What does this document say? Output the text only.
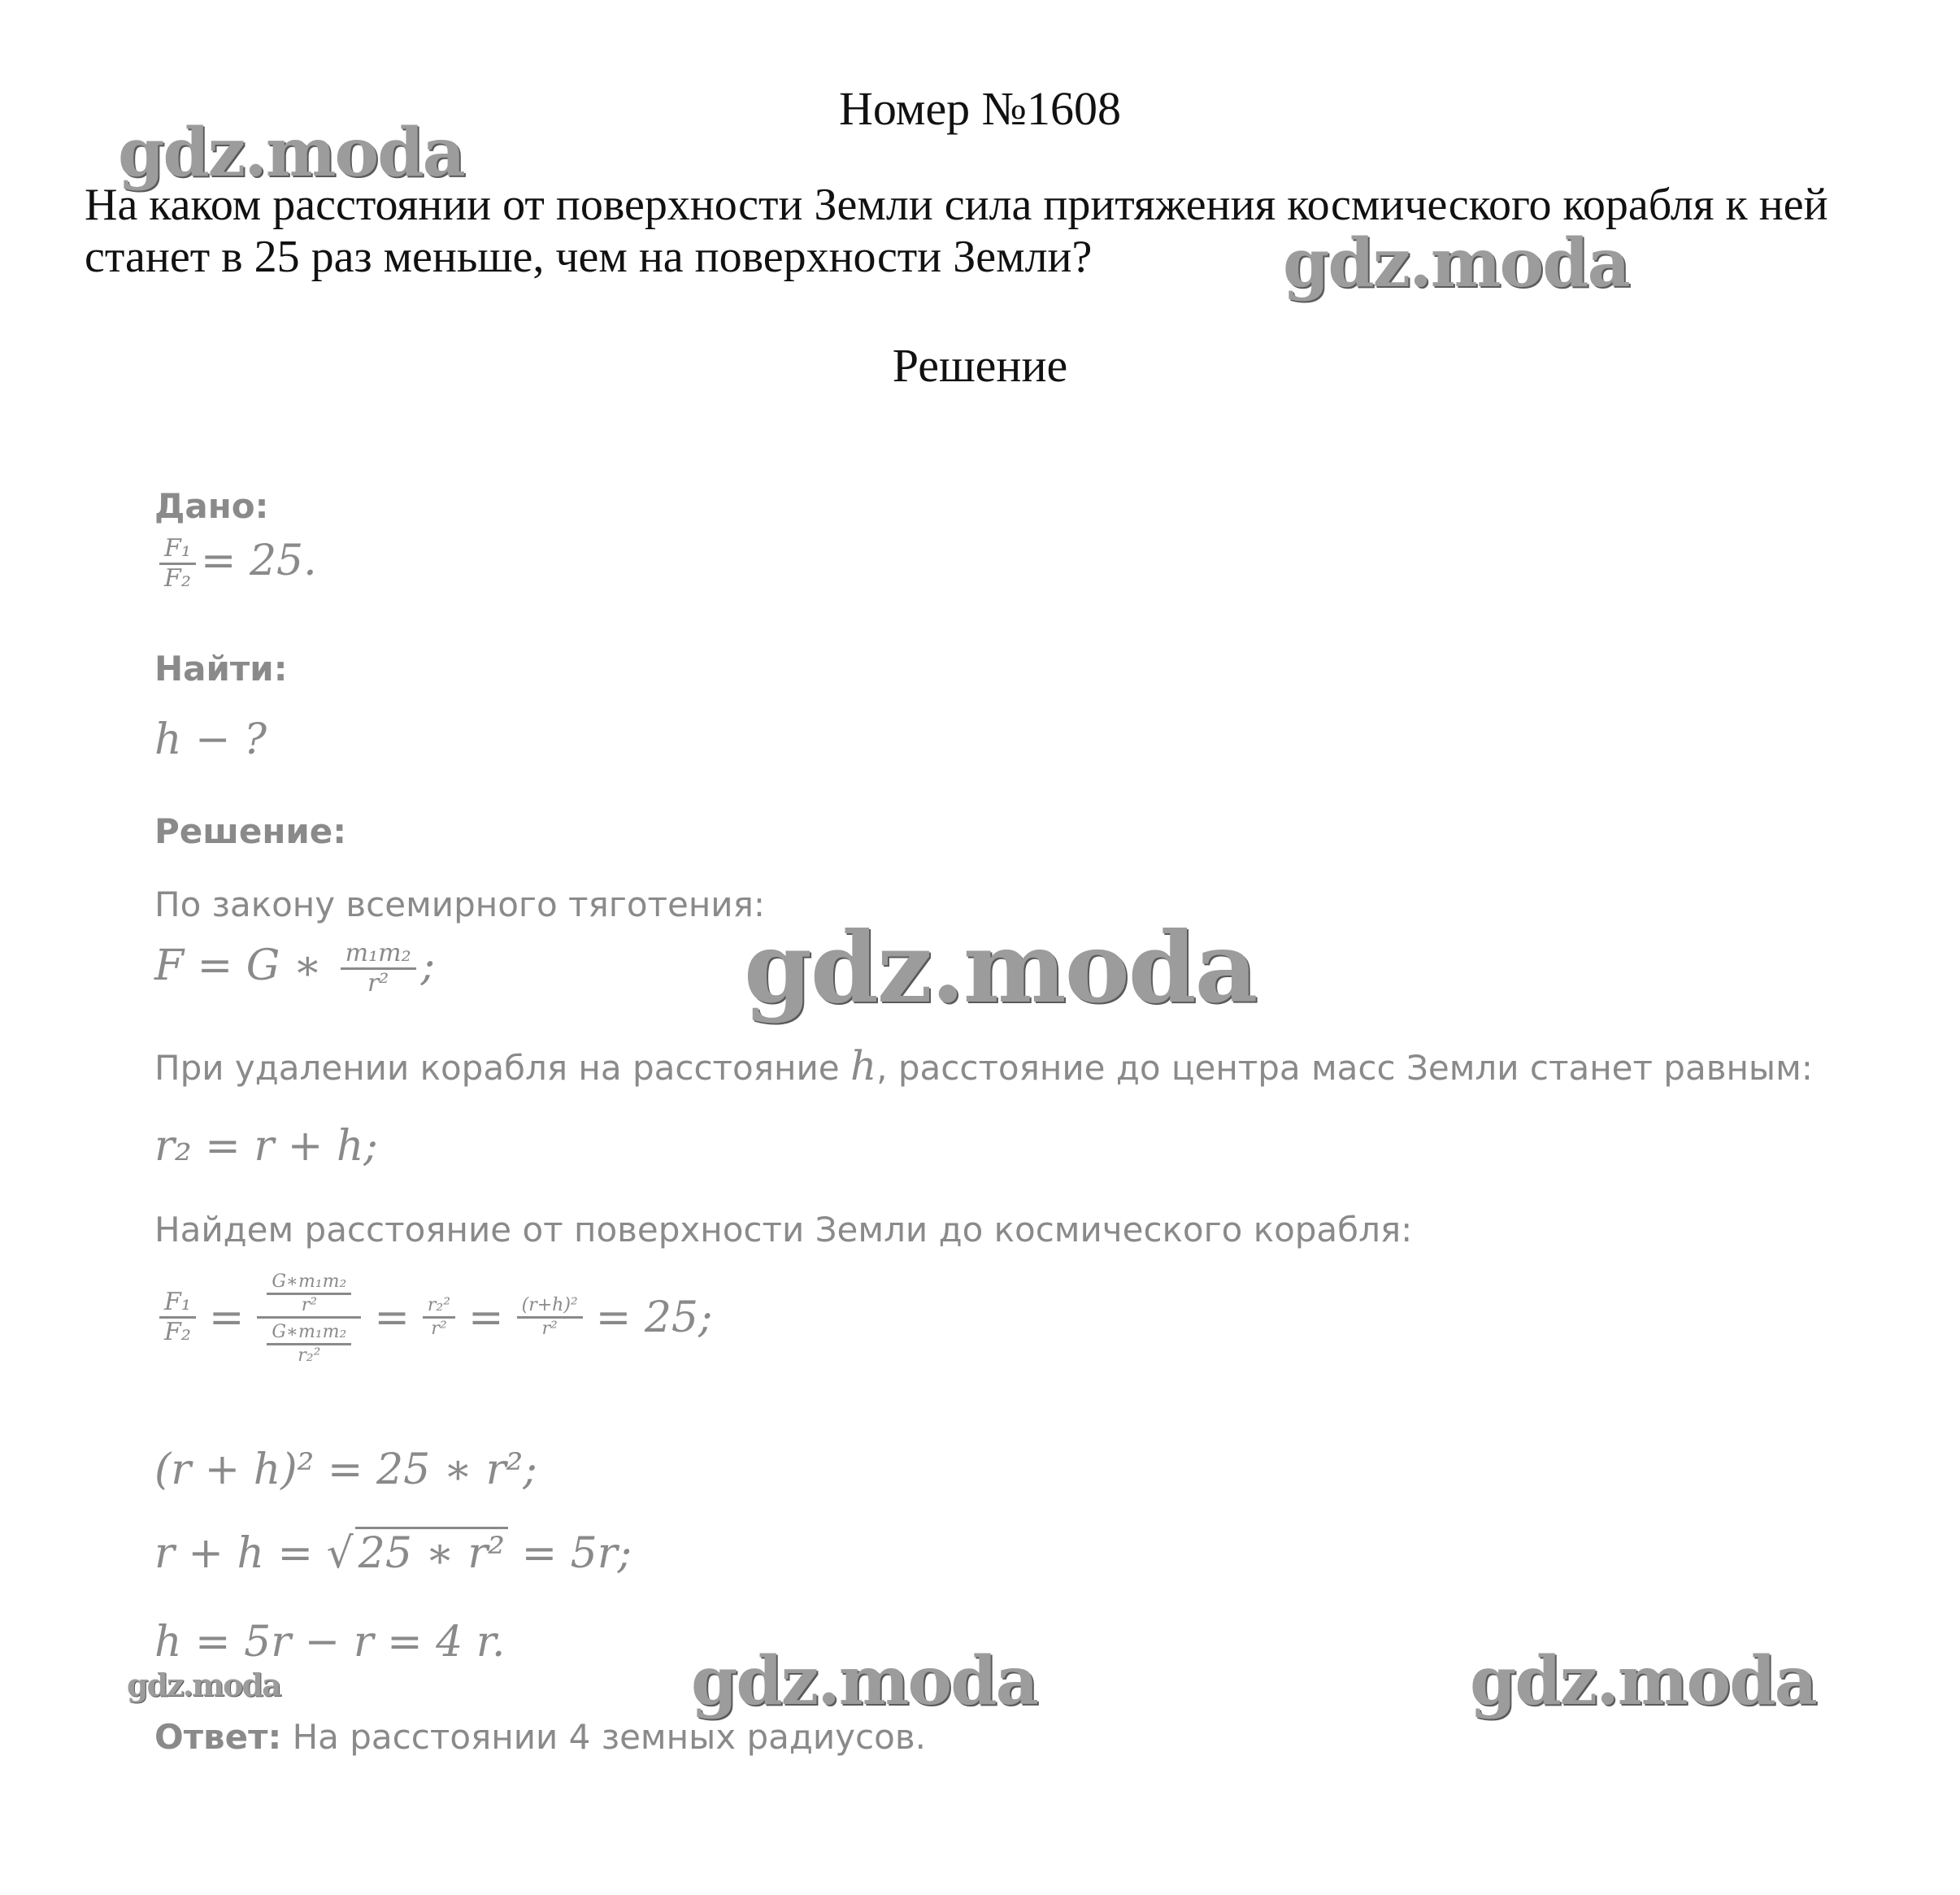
Номер №1608
На каком расстоянии от поверхности Земли сила притяжения космического корабля к ней станет в 25 раз меньше, чем на поверхности Земли?
Решение
Дано:
$\frac{\text{F₁}}{\text{F₂}} = 25$.
Найти:
h − ?
Решение:
По закону всемирного тяготения:
F = G ∗ $\frac{\text{m₁m₂}}{\text{r²}}$ ;
При удалении корабля на расстояние h, расстояние до центра масс Земли станет равным:
r₂ = r + h;
Найдем расстояние от поверхности Земли до космического корабля:
$\frac{\text{F₁}}{\text{F₂}} = \frac{\frac{\text{G∗m₁m₂}}{\text{r²}}}{\frac{\text{G∗m₁m₂}}{\text{r₂²}}} = \frac{\text{r₂²}}{\text{r²}} = \frac{\text{(r+h)²}}{\text{r²}} = 25$;
(r + h)² = 25 ∗ r²;
r + h = √ 25 ∗ r² = 5r;
h = 5r − r = 4 r.
Ответ: На расстоянии 4 земных радиусов.
gdz.moda
gdz.moda
gdz.moda
gdz.moda	gdz.moda	gdz.moda
